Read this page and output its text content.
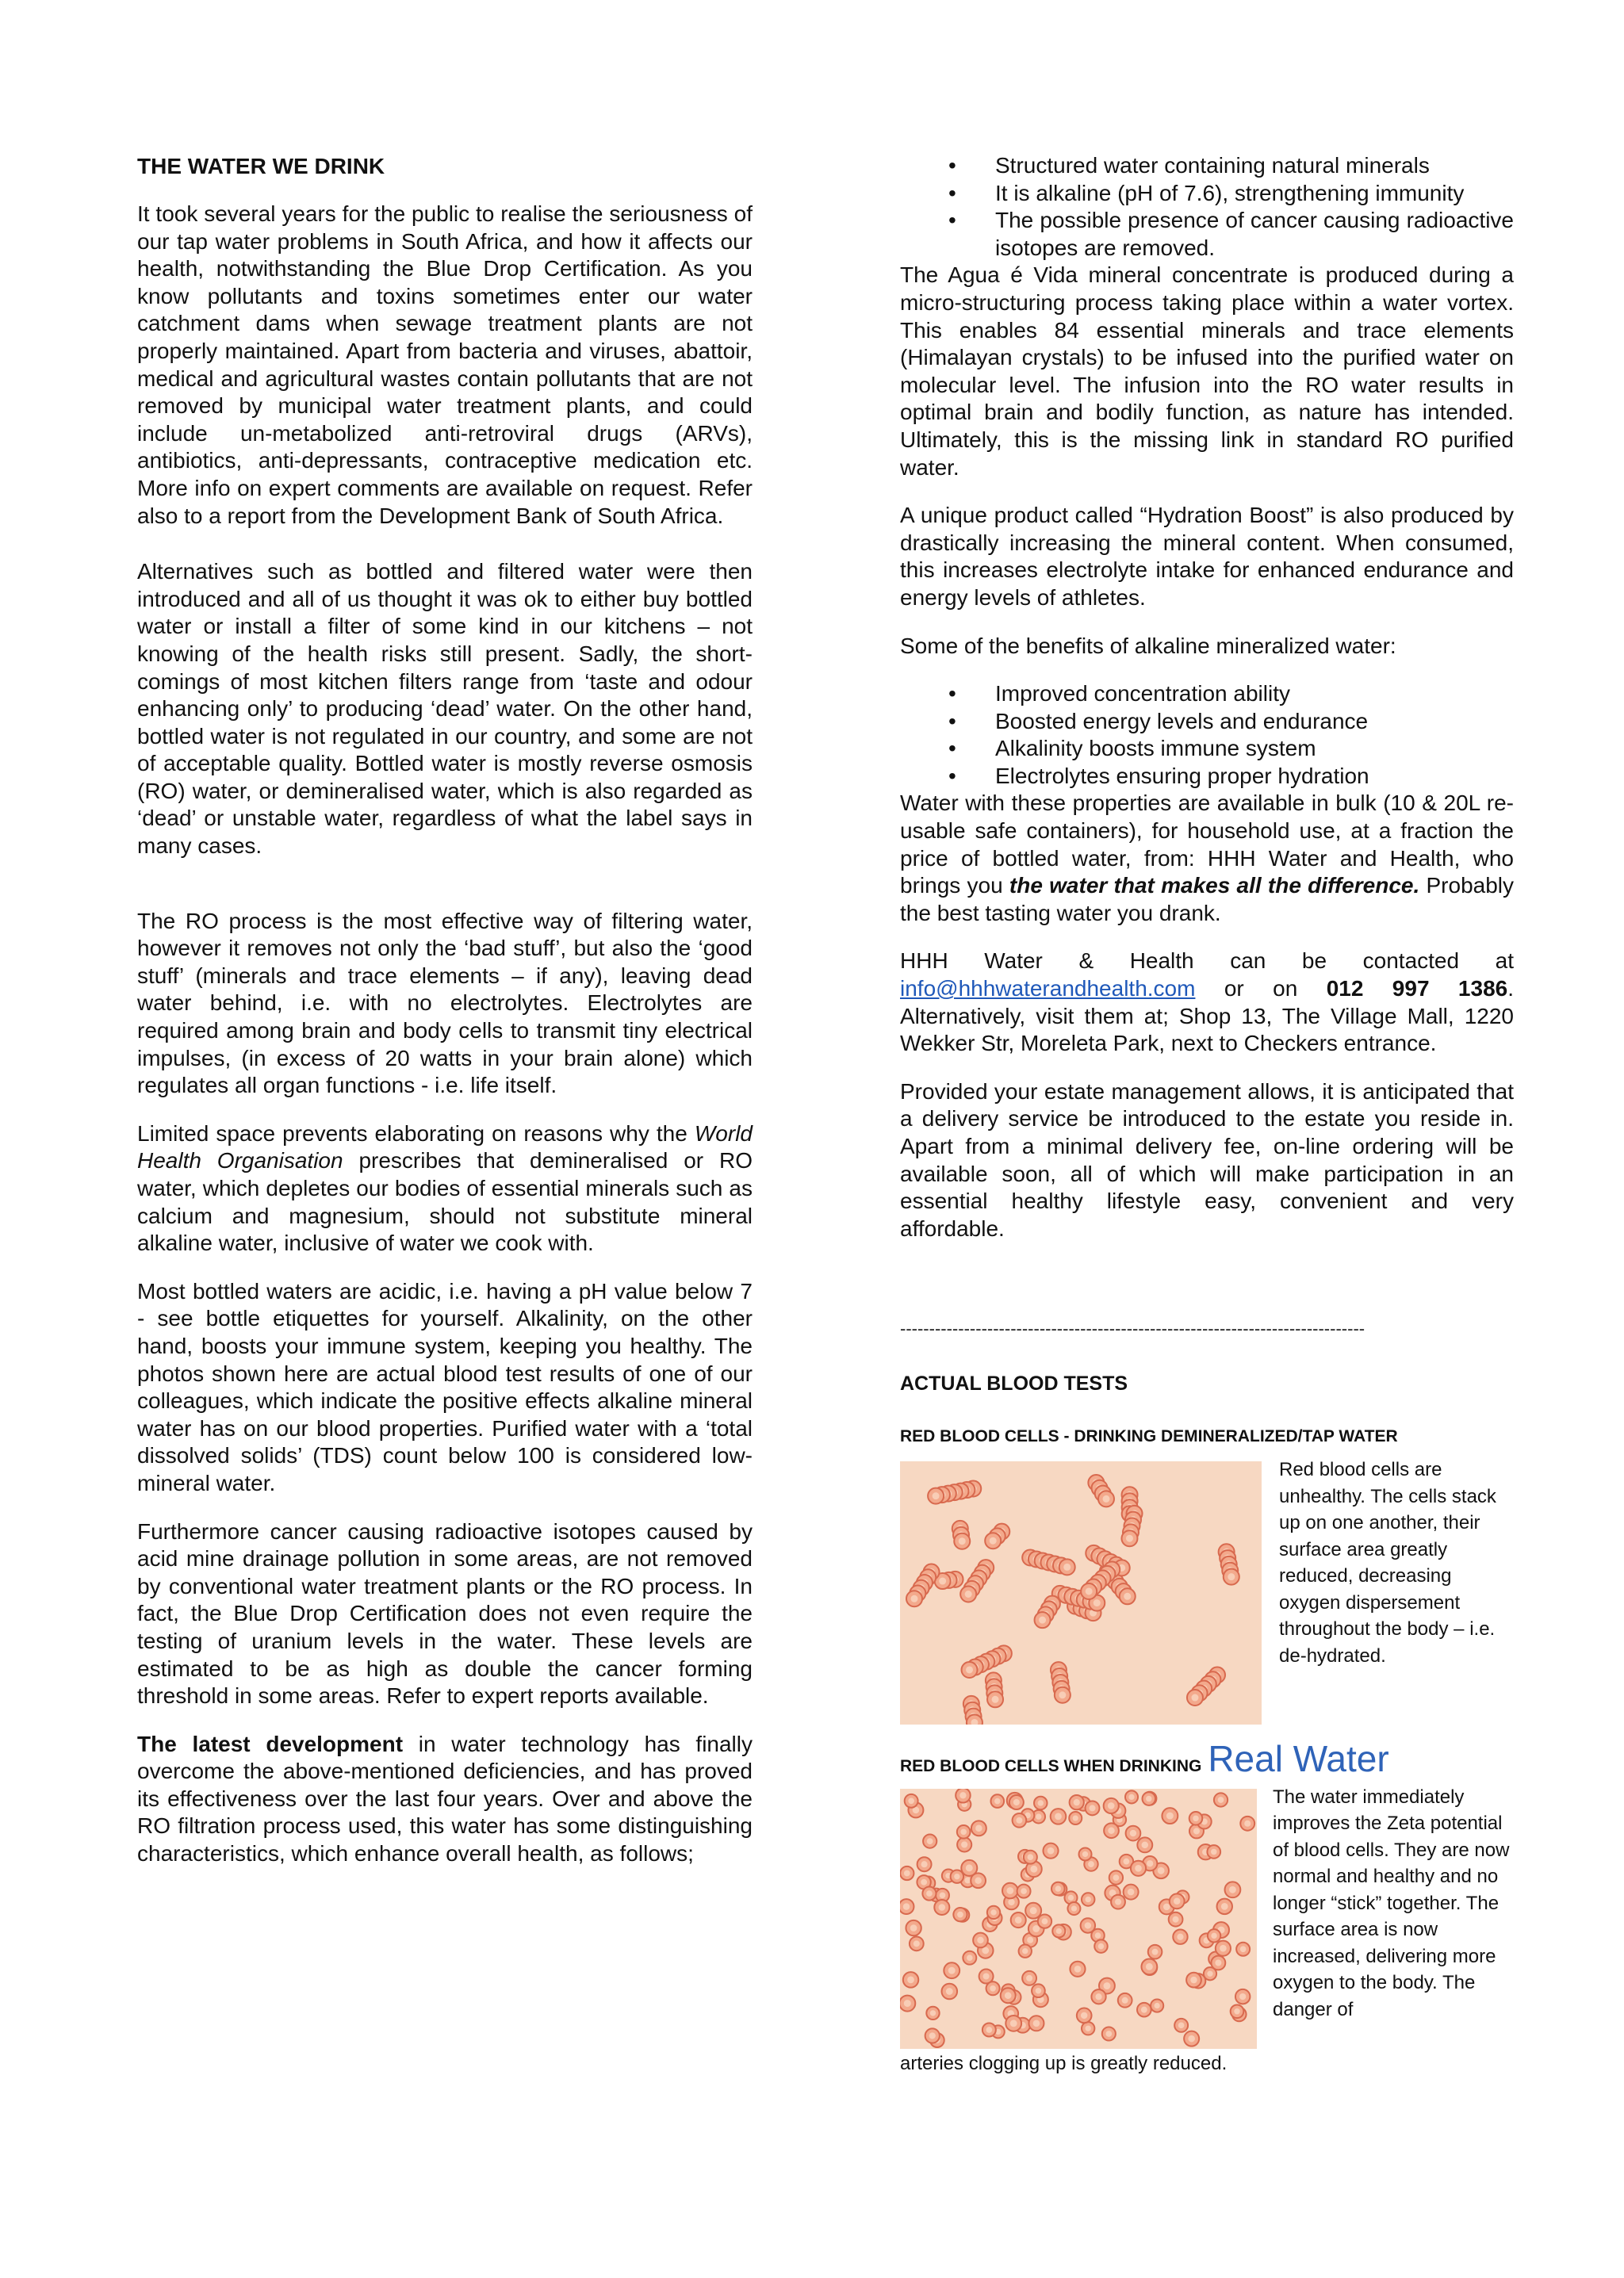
THE WATER WE DRINK

It took several years for the public to realise the seriousness of our tap water problems in South Africa, and how it affects our health, notwithstanding the Blue Drop Certification. As you know pollutants and toxins sometimes enter our water catchment dams when sewage treatment plants are not properly maintained. Apart from bacteria and viruses, abattoir, medical and agricultural wastes contain pollutants that are not removed by municipal water treatment plants, and could include un-metabolized anti-retroviral drugs (ARVs), antibiotics, anti-depressants, contraceptive medication etc. More info on expert comments are available on request. Refer also to a report from the Development Bank of South Africa.

Alternatives such as bottled and filtered water were then introduced and all of us thought it was ok to either buy bottled water or install a filter of some kind in our kitchens – not knowing of the health risks still present. Sadly, the short-comings of most kitchen filters range from ‘taste and odour enhancing only’ to producing ‘dead’ water. On the other hand, bottled water is not regulated in our country, and some are not of acceptable quality. Bottled water is mostly reverse osmosis (RO) water, or demineralised water, which is also regarded as ‘dead’ or unstable water, regardless of what the label says in many cases.

The RO process is the most effective way of filtering water, however it removes not only the ‘bad stuff’, but also the ‘good stuff’ (minerals and trace elements – if any), leaving dead water behind, i.e. with no electrolytes. Electrolytes are required among brain and body cells to transmit tiny electrical impulses, (in excess of 20 watts in your brain alone) which regulates all organ functions - i.e. life itself.

Limited space prevents elaborating on reasons why the World Health Organisation prescribes that demineralised or RO water, which depletes our bodies of essential minerals such as calcium and magnesium, should not substitute mineral alkaline water, inclusive of water we cook with.

Most bottled waters are acidic, i.e. having a pH value below 7 - see bottle etiquettes for yourself. Alkalinity, on the other hand, boosts your immune system, keeping you healthy. The photos shown here are actual blood test results of one of our colleagues, which indicate the positive effects alkaline mineral water has on our blood properties. Purified water with a ‘total dissolved solids’ (TDS) count below 100 is considered low-mineral water.

Furthermore cancer causing radioactive isotopes caused by acid mine drainage pollution in some areas, are not removed by conventional water treatment plants or the RO process. In fact, the Blue Drop Certification does not even require the testing of uranium levels in the water. These levels are estimated to be as high as double the cancer forming threshold in some areas. Refer to expert reports available.

The latest development in water technology has finally overcome the above-mentioned deficiencies, and has proved its effectiveness over the last four years. Over and above the RO filtration process used, this water has some distinguishing characteristics, which enhance overall health, as follows;

• Structured water containing natural minerals
• It is alkaline (pH of 7.6), strengthening immunity
• The possible presence of cancer causing radioactive isotopes are removed.

The Agua é Vida mineral concentrate is produced during a micro-structuring process taking place within a water vortex. This enables 84 essential minerals and trace elements (Himalayan crystals) to be infused into the purified water on molecular level. The infusion into the RO water results in optimal brain and bodily function, as nature has intended. Ultimately, this is the missing link in standard RO purified water.

A unique product called “Hydration Boost” is also produced by drastically increasing the mineral content. When consumed, this increases electrolyte intake for enhanced endurance and energy levels of athletes.

Some of the benefits of alkaline mineralized water:

• Improved concentration ability
• Boosted energy levels and endurance
• Alkalinity boosts immune system
• Electrolytes ensuring proper hydration

Water with these properties are available in bulk (10 & 20L re-usable safe containers), for household use, at a fraction the price of bottled water, from: HHH Water and Health, who brings you the water that makes all the difference. Probably the best tasting water you drank.

HHH Water & Health can be contacted at info@hhhwaterandhealth.com or on 012 997 1386. Alternatively, visit them at; Shop 13, The Village Mall, 1220 Wekker Str, Moreleta Park, next to Checkers entrance.

Provided your estate management allows, it is anticipated that a delivery service be introduced to the estate you reside in. Apart from a minimal delivery fee, on-line ordering will be available soon, all of which will make participation in an essential healthy lifestyle easy, convenient and very affordable.

--------------------------------------------------------------------------------
ACTUAL BLOOD TESTS
RED BLOOD CELLS - DRINKING DEMINERALIZED/TAP WATER
Red blood cells are unhealthy. The cells stack up on one another, their surface area greatly reduced, decreasing oxygen dispersement throughout the body – i.e. de-hydrated.
RED BLOOD CELLS WHEN DRINKING Real Water
The water immediately improves the Zeta potential of blood cells. They are now normal and healthy and no longer “stick” together. The surface area is now increased, delivering more oxygen to the body. The danger of
arteries clogging up is greatly reduced.
